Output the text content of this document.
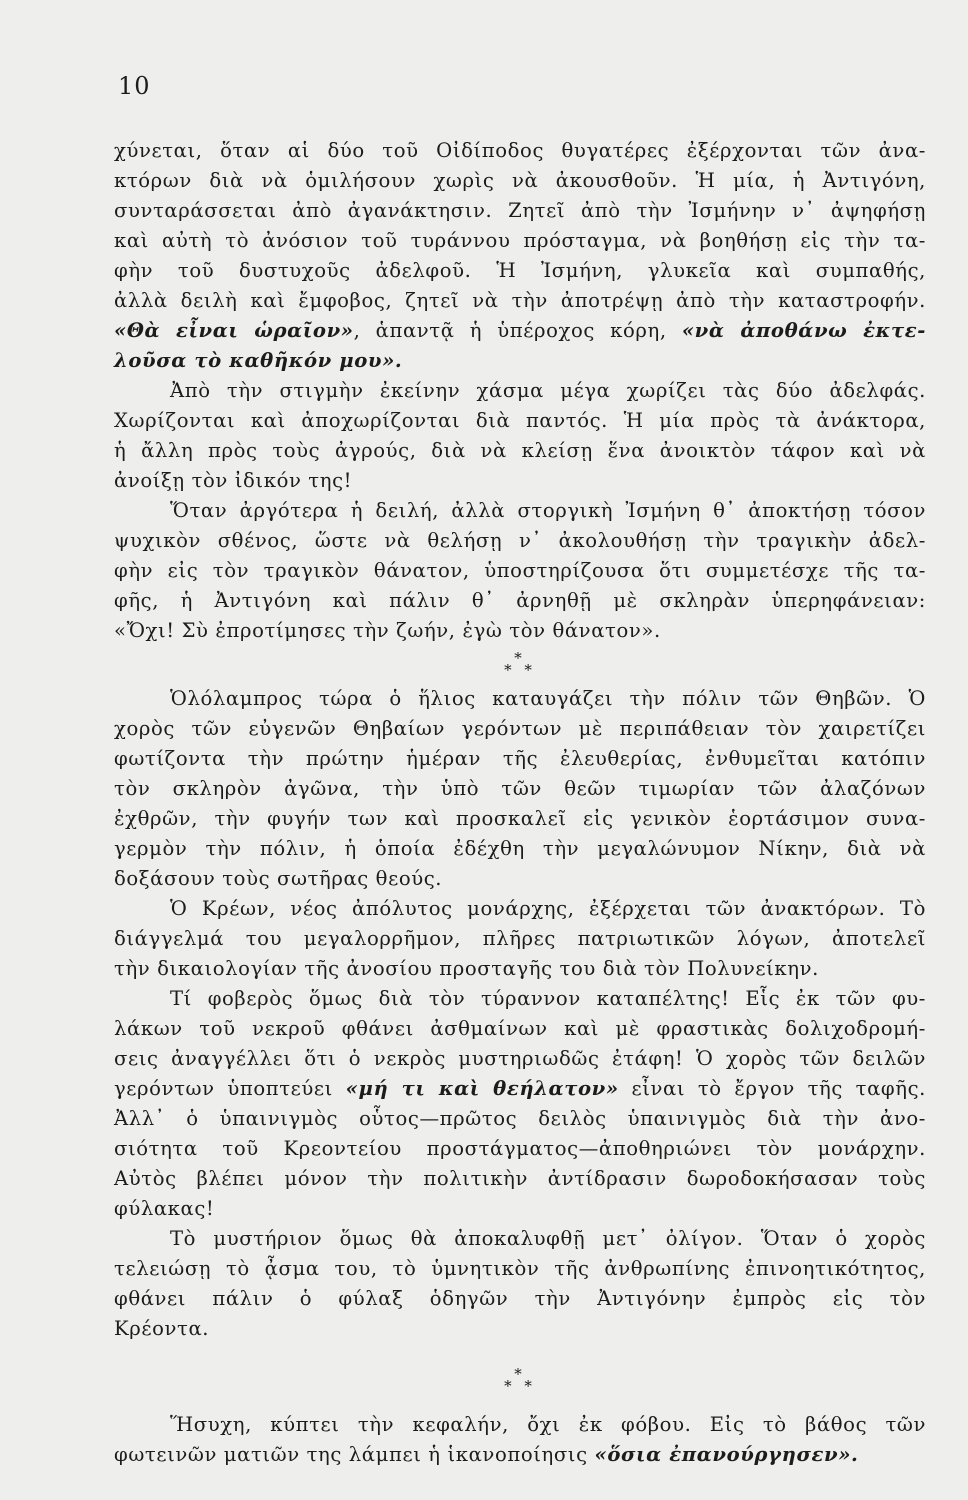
10
χύνεται, ὅταν αἱ δύο τοῦ Οἰδίποδος θυγατέρες ἐξέρχονται τῶν ἀνα-
κτόρων διὰ νὰ ὁμιλήσουν χωρὶς νὰ ἀκουσθοῦν. Ἡ μία, ἡ Ἀντιγόνη,
συνταράσσεται ἀπὸ ἀγανάκτησιν. Ζητεῖ ἀπὸ τὴν Ἰσμήνην ν᾿ ἀψηφήσῃ
καὶ αὐτὴ τὸ ἀνόσιον τοῦ τυράννου πρόσταγμα, νὰ βοηθήσῃ εἰς τὴν τα-
φὴν τοῦ δυστυχοῦς ἀδελφοῦ. Ἡ Ἰσμήνη, γλυκεῖα καὶ συμπαθής,
ἀλλὰ δειλὴ καὶ ἔμφοβος, ζητεῖ νὰ τὴν ἀποτρέψῃ ἀπὸ τὴν καταστροφήν.
«Θὰ εἶναι ὡραῖον», ἁπαντᾷ ἡ ὑπέροχος κόρη, «νὰ ἀποθάνω ἐκτε-
λοῦσα τὸ καθῆκόν μου».
Ἀπὸ τὴν στιγμὴν ἐκείνην χάσμα μέγα χωρίζει τὰς δύο ἀδελφάς.
Χωρίζονται καὶ ἀποχωρίζονται διὰ παντός. Ἡ μία πρὸς τὰ ἀνάκτορα,
ἡ ἄλλη πρὸς τοὺς ἀγρούς, διὰ νὰ κλείσῃ ἕνα ἀνοικτὸν τάφον καὶ νὰ
ἀνοίξῃ τὸν ἰδικόν της!
Ὅταν ἀργότερα ἡ δειλή, ἀλλὰ στοργικὴ Ἰσμήνη θ᾿ ἀποκτήσῃ τόσον
ψυχικὸν σθένος, ὥστε νὰ θελήσῃ ν᾿ ἀκολουθήσῃ τὴν τραγικὴν ἀδελ-
φὴν εἰς τὸν τραγικὸν θάνατον, ὑποστηρίζουσα ὅτι συμμετέσχε τῆς τα-
φῆς, ἡ Ἀντιγόνη καὶ πάλιν θ᾿ ἀρνηθῇ μὲ σκληρὰν ὑπερηφάνειαν:
«Ὄχι! Σὺ ἐπροτίμησες τὴν ζωήν, ἐγὼ τὸν θάνατον».
*
* *
Ὁλόλαμπρος τώρα ὁ ἥλιος καταυγάζει τὴν πόλιν τῶν Θηβῶν. Ὁ
χορὸς τῶν εὐγενῶν Θηβαίων γερόντων μὲ περιπάθειαν τὸν χαιρετίζει
φωτίζοντα τὴν πρώτην ἡμέραν τῆς ἐλευθερίας, ἐνθυμεῖται κατόπιν
τὸν σκληρὸν ἀγῶνα, τὴν ὑπὸ τῶν θεῶν τιμωρίαν τῶν ἀλαζόνων
ἐχθρῶν, τὴν φυγήν των καὶ προσκαλεῖ εἰς γενικὸν ἑορτάσιμον συνα-
γερμὸν τὴν πόλιν, ἡ ὁποία ἐδέχθη τὴν μεγαλώνυμον Νίκην, διὰ νὰ
δοξάσουν τοὺς σωτῆρας θεούς.
Ὁ Κρέων, νέος ἀπόλυτος μονάρχης, ἐξέρχεται τῶν ἀνακτόρων. Τὸ
διάγγελμά του μεγαλορρῆμον, πλῆρες πατριωτικῶν λόγων, ἀποτελεῖ
τὴν δικαιολογίαν τῆς ἀνοσίου προσταγῆς του διὰ τὸν Πολυνείκην.
Τί φοβερὸς ὅμως διὰ τὸν τύραννον καταπέλτης! Εἷς ἐκ τῶν φυ-
λάκων τοῦ νεκροῦ φθάνει ἀσθμαίνων καὶ μὲ φραστικὰς δολιχοδρομή-
σεις ἀναγγέλλει ὅτι ὁ νεκρὸς μυστηριωδῶς ἐτάφη! Ὁ χορὸς τῶν δειλῶν
γερόντων ὑποπτεύει «μή τι καὶ θεήλατον» εἶναι τὸ ἔργον τῆς ταφῆς.
Ἀλλ᾿ ὁ ὑπαινιγμὸς οὗτος—πρῶτος δειλὸς ὑπαινιγμὸς διὰ τὴν ἀνο-
σιότητα τοῦ Κρεοντείου προστάγματος—ἀποθηριώνει τὸν μονάρχην.
Αὐτὸς βλέπει μόνον τὴν πολιτικὴν ἀντίδρασιν δωροδοκήσασαν τοὺς
φύλακας!
Τὸ μυστήριον ὅμως θὰ ἀποκαλυφθῇ μετ᾿ ὀλίγον. Ὅταν ὁ χορὸς
τελειώσῃ τὸ ᾆσμα του, τὸ ὑμνητικὸν τῆς ἀνθρωπίνης ἐπινοητικότητος,
φθάνει πάλιν ὁ φύλαξ ὁδηγῶν τὴν Ἀντιγόνην ἐμπρὸς εἰς τὸν
Κρέοντα.
*
* *
Ἥσυχη, κύπτει τὴν κεφαλήν, ὄχι ἐκ φόβου. Εἰς τὸ βάθος τῶν
φωτεινῶν ματιῶν της λάμπει ἡ ἱκανοποίησις «ὅσια ἐπανούργησεν».
